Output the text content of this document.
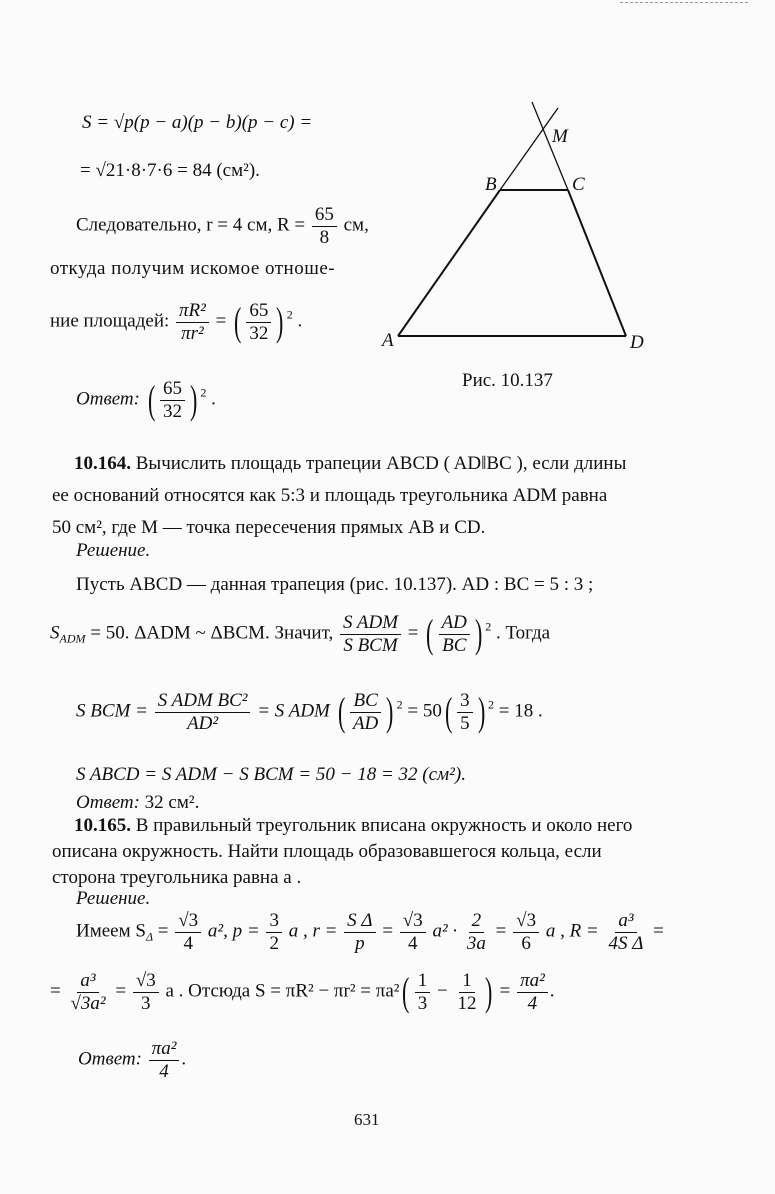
S = √p(p − a)(p − b)(p − c) =
= √21·8·7·6 = 84 (см²).
Следовательно, r = 4 см, $R = \frac{65}{8}$ см,
откуда получим искомое отноше-
ние площадей: $\frac{\text{πR²}}{\text{πr²}}$ = ( $\frac{65}{32}$ ) $^2$ .
Ответ: ( $\frac{65}{32}$ ) $^2$ .
A
B	C
D
M
Рис. 10.137
10.164. Вычислить площадь трапеции ABCD ( AD‖BC ), если длины
ее оснований относятся как 5:3 и площадь треугольника ADM равна
50 см², где M — точка пересечения прямых AB и CD.
Решение.
Пусть ABCD — данная трапеция (рис. 10.137). AD : BC = 5 : 3 ;
$S_{ADM} = 50$. ΔADM ~ ΔBCM. Значит, $\frac{\text{S ADM}}{\text{S BCM}}$ = ( $\frac{AD}{BC}$ ) $^2$ . Тогда
S BCM = $\frac{\text{S ADM BC²}}{\text{AD²}} = S$ ADM ( $\frac{BC}{AD}$ ) $^2 = 50( \frac{3}{5}$ ) $^2$ = 18 .
S ABCD = S ADM − S BCM = 50 − 18 = 32 (см²).
Ответ: 32 см².
10.165. В правильный треугольник вписана окружность и около него
описана окружность. Найти площадь образовавшегося кольца, если
сторона треугольника равна a .
Решение.
Имеем $S_\Delta = \frac{√3}{4} a^2$, $p = \frac{3}{2}$ a , $r = \frac{\text{S Δ}}{p} = \frac{√3}{4} a^2 \cdot \frac{2}{3a} = \frac{√3}{6}$ a , $R = \frac{\text{a³}}{\text{4S Δ}}$ =
= $\frac{\text{a³}}{\text{√3a²}} = \frac{√3}{3}$ a . Отсюда $S = \pi R^2 - \pi r^2 = \pi a^2( \frac{1}{3} - \frac{1}{12}$ ) = $\frac{\text{πa²}}{4}$ .
Ответ: $\frac{\text{πa²}}{4}$ .
631
